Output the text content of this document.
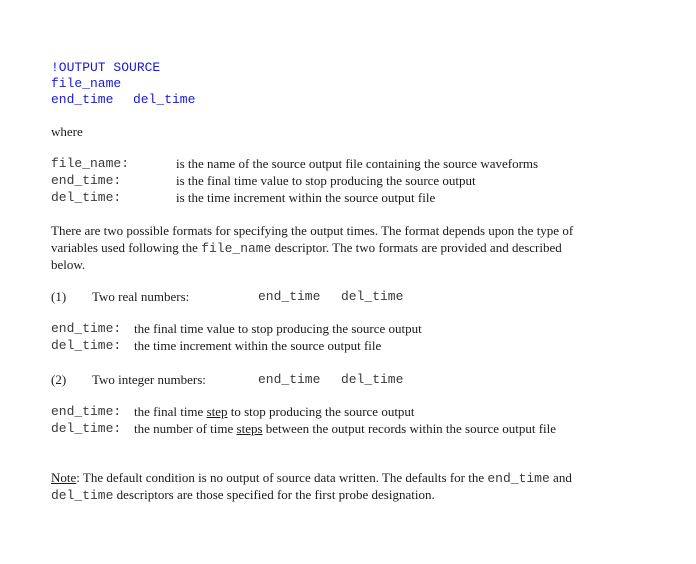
!OUTPUT SOURCE
file_name
end_time del_time
where
file_name:	is the name of the source output file containing the source waveforms
end_time:	is the final time value to stop producing the source output
del_time:	is the time increment within the source output file
There are two possible formats for specifying the output times. The format depends upon the type of
variables used following the file_name descriptor. The two formats are provided and described
below.
(1) Two real numbers:	end_time del_time
end_time: the final time value to stop producing the source output
del_time: the time increment within the source output file
(2) Two integer numbers:	end_time del_time
end_time: the final time step to stop producing the source output
del_time: the number of time steps between the output records within the source output file
Note: The default condition is no output of source data written. The defaults for the end_time and
del_time descriptors are those specified for the first probe designation.
